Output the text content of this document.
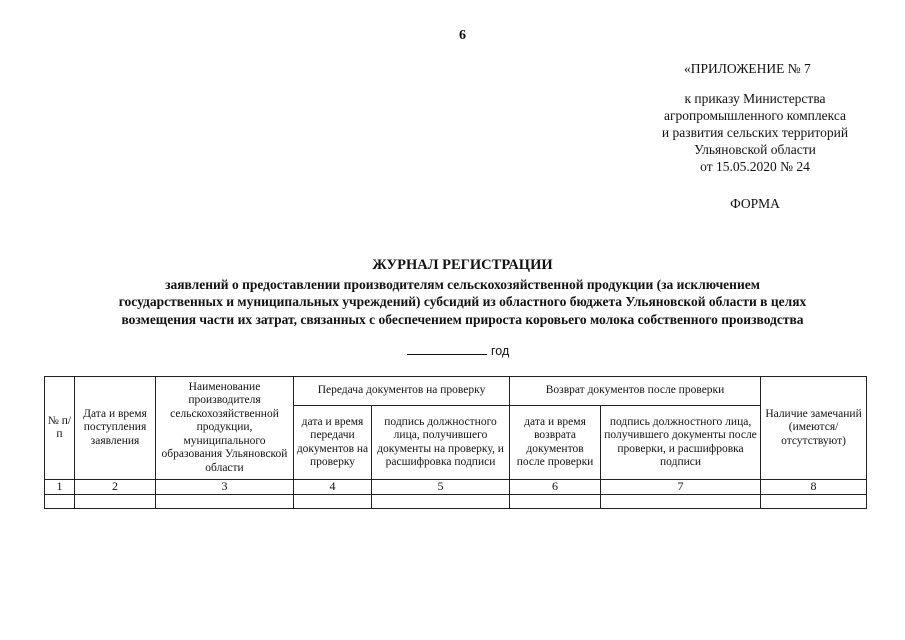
6
«ПРИЛОЖЕНИЕ № 7
к приказу Министерства
агропромышленного комплекса
и развития сельских территорий
Ульяновской области
от 15.05.2020 № 24
ФОРМА
ЖУРНАЛ РЕГИСТРАЦИИ
заявлений о предоставлении производителям сельскохозяйственной продукции (за исключением
государственных и муниципальных учреждений) субсидий из областного бюджета Ульяновской области в целях
возмещения части их затрат, связанных с обеспечением прироста коровьего молока собственного производства
год
№ п/п	Дата и время поступления заявления	Наименование производителя сельскохозяйственной продукции, муниципального образования Ульяновской области	Передача документов на проверку		Возврат документов после проверки		Наличие замечаний (имеются/ отсутствуют)
			дата и время передачи документов на проверку	подпись должностного лица, получившего документы на проверку, и расшифровка подписи	дата и время возврата документов после проверки	подпись должностного лица, получившего документы после проверки, и расшифровка подписи	
1	2	3	4	5	6	7	8
